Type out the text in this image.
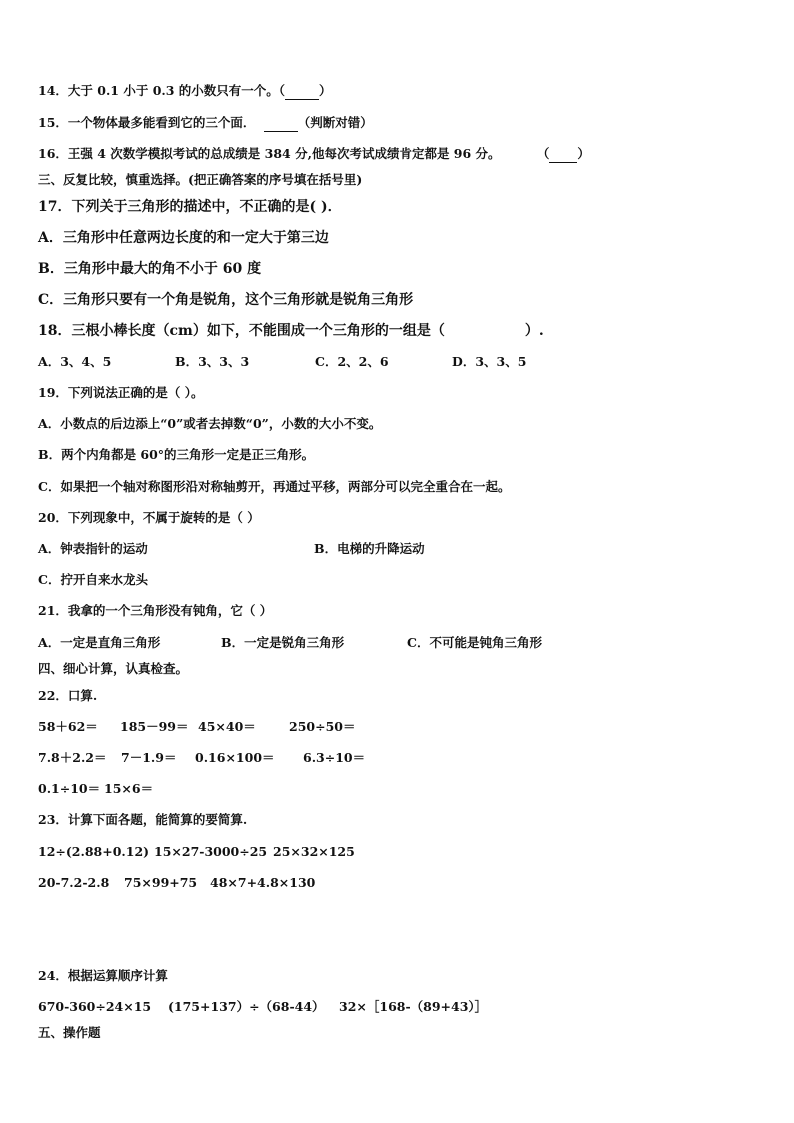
14．大于 0.1 小于 0.3 的小数只有一个。（	）
15．一个物体最多能看到它的三个面．	（判断对错）
16．王强 4 次数学模拟考试的总成绩是 384 分,他每次考试成绩肯定都是 96 分。	（ ）
三、反复比较，慎重选择。(把正确答案的序号填在括号里)
17．下列关于三角形的描述中，不正确的是( )．
A．三角形中任意两边长度的和一定大于第三边
B．三角形中最大的角不小于 60 度
C．三角形只要有一个角是锐角，这个三角形就是锐角三角形
18．三根小棒长度（cm）如下，不能围成一个三角形的一组是（	）.
A．3、4、5	B．3、3、3	C．2、2、6	D．3、3、5
19．下列说法正确的是（ ）。
A．小数点的后边添上“0”或者去掉数“0”，小数的大小不变。
B．两个内角都是 60°的三角形一定是正三角形。
C．如果把一个轴对称图形沿对称轴剪开，再通过平移，两部分可以完全重合在一起。
20．下列现象中，不属于旋转的是（ ）
A．钟表指针的运动	B．电梯的升降运动
C．拧开自来水龙头
21．我拿的一个三角形没有钝角，它（ ）
A．一定是直角三角形	B．一定是锐角三角形	C．不可能是钝角三角形
四、细心计算，认真检查。
22．口算.
58＋62＝ 185－99＝ 45×40＝	250÷50＝
7.8＋2.2＝ 7－1.9＝ 0.16×100＝ 6.3÷10＝
0.1÷10＝ 15×6＝
23．计算下面各题，能简算的要简算.
12÷(2.88+0.12) 15×27-3000÷25 25×32×125
20-7.2-2.8 75×99+75 48×7+4.8×130
24．根据运算顺序计算
670-360÷24×15 (175+137）÷（68-44） 32×［168-（89+43）］
五、操作题
